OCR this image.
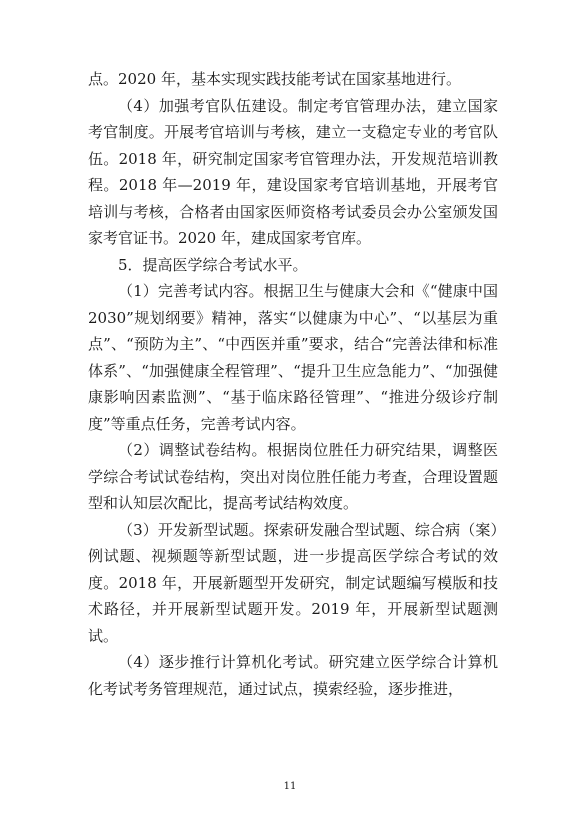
点。2020 年，基本实现实践技能考试在国家基地进行。

（4）加强考官队伍建设。制定考官管理办法，建立国家考官制度。开展考官培训与考核，建立一支稳定专业的考官队伍。2018 年，研究制定国家考官管理办法，开发规范培训教程。2018 年—2019 年，建设国家考官培训基地，开展考官培训与考核，合格者由国家医师资格考试委员会办公室颁发国家考官证书。2020 年，建成国家考官库。

5．提高医学综合考试水平。

（1）完善考试内容。根据卫生与健康大会和《“健康中国 2030”规划纲要》精神，落实“以健康为中心”、“以基层为重点”、“预防为主”、“中西医并重”要求，结合“完善法律和标准体系”、“加强健康全程管理”、“提升卫生应急能力”、“加强健康影响因素监测”、“基于临床路径管理”、“推进分级诊疗制度”等重点任务，完善考试内容。

（2）调整试卷结构。根据岗位胜任力研究结果，调整医学综合考试试卷结构，突出对岗位胜任能力考查，合理设置题型和认知层次配比，提高考试结构效度。

（3）开发新型试题。探索研发融合型试题、综合病（案）例试题、视频题等新型试题，进一步提高医学综合考试的效度。2018 年，开展新题型开发研究，制定试题编写模版和技术路径，并开展新型试题开发。2019 年，开展新型试题测试。

（4）逐步推行计算机化考试。研究建立医学综合计算机化考试考务管理规范，通过试点，摸索经验，逐步推进，

11
